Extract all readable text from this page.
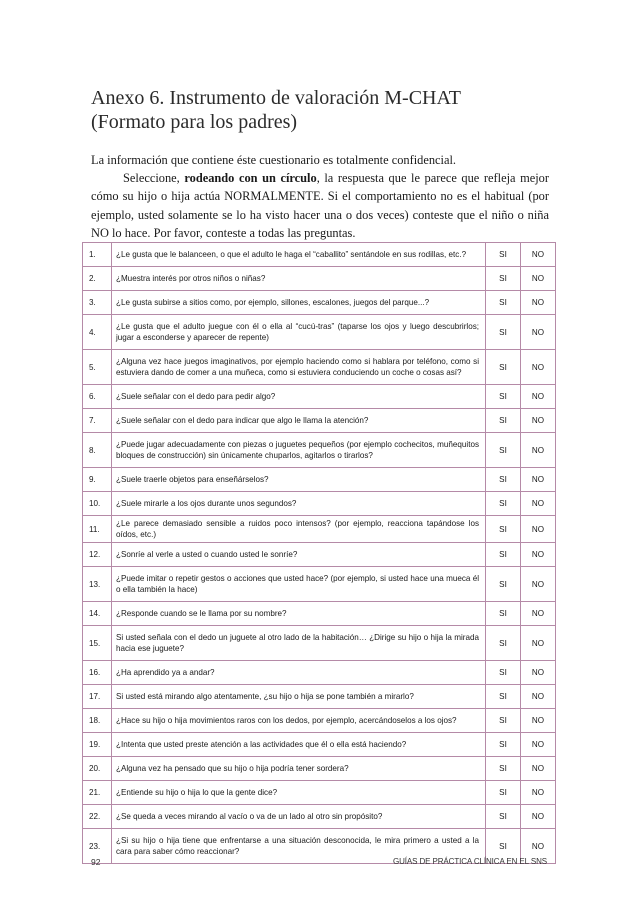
Anexo 6. Instrumento de valoración M-CHAT
(Formato para los padres)

La información que contiene éste cuestionario es totalmente confidencial.

Seleccione, rodeando con un círculo, la respuesta que le parece que refleja mejor cómo su hijo o hija actúa NORMALMENTE. Si el comportamiento no es el habitual (por ejemplo, usted solamente se lo ha visto hacer una o dos veces) conteste que el niño o niña NO lo hace. Por favor, conteste a todas las preguntas.

1.	¿Le gusta que le balanceen, o que el adulto le haga el “caballito” sentándole en sus rodillas, etc.?	SI	NO
2.	¿Muestra interés por otros niños o niñas?	SI	NO
3.	¿Le gusta subirse a sitios como, por ejemplo, sillones, escalones, juegos del parque...?	SI	NO
4.	¿Le gusta que el adulto juegue con él o ella al “cucú-tras” (taparse los ojos y luego descubrirlos; jugar a esconderse y aparecer de repente)	SI	NO
5.	¿Alguna vez hace juegos imaginativos, por ejemplo haciendo como si hablara por teléfono, como si estuviera dando de comer a una muñeca, como si estuviera conduciendo un coche o cosas así?	SI	NO
6.	¿Suele señalar con el dedo para pedir algo?	SI	NO
7.	¿Suele señalar con el dedo para indicar que algo le llama la atención?	SI	NO
8.	¿Puede jugar adecuadamente con piezas o juguetes pequeños (por ejemplo cochecitos, muñequitos bloques de construcción) sin únicamente chuparlos, agitarlos o tirarlos?	SI	NO
9.	¿Suele traerle objetos para enseñárselos?	SI	NO
10.	¿Suele mirarle a los ojos durante unos segundos?	SI	NO
11.	¿Le parece demasiado sensible a ruidos poco intensos? (por ejemplo, reacciona tapándose los oídos, etc.)	SI	NO
12.	¿Sonríe al verle a usted o cuando usted le sonríe?	SI	NO
13.	¿Puede imitar o repetir gestos o acciones que usted hace? (por ejemplo, si usted hace una mueca él o ella también la hace)	SI	NO
14.	¿Responde cuando se le llama por su nombre?	SI	NO
15.	Si usted señala con el dedo un juguete al otro lado de la habitación… ¿Dirige su hijo o hija la mirada hacia ese juguete?	SI	NO
16.	¿Ha aprendido ya a andar?	SI	NO
17.	Si usted está mirando algo atentamente, ¿su hijo o hija se pone también a mirarlo?	SI	NO
18.	¿Hace su hijo o hija movimientos raros con los dedos, por ejemplo, acercándoselos a los ojos?	SI	NO
19.	¿Intenta que usted preste atención a las actividades que él o ella está haciendo?	SI	NO
20.	¿Alguna vez ha pensado que su hijo o hija podría tener sordera?	SI	NO
21.	¿Entiende su hijo o hija lo que la gente dice?	SI	NO
22.	¿Se queda a veces mirando al vacío o va de un lado al otro sin propósito?	SI	NO
23.	¿Si su hijo o hija tiene que enfrentarse a una situación desconocida, le mira primero a usted a la cara para saber cómo reaccionar?	SI	NO
92	GUÍAS DE PRÁCTICA CLÍNICA EN EL SNS
